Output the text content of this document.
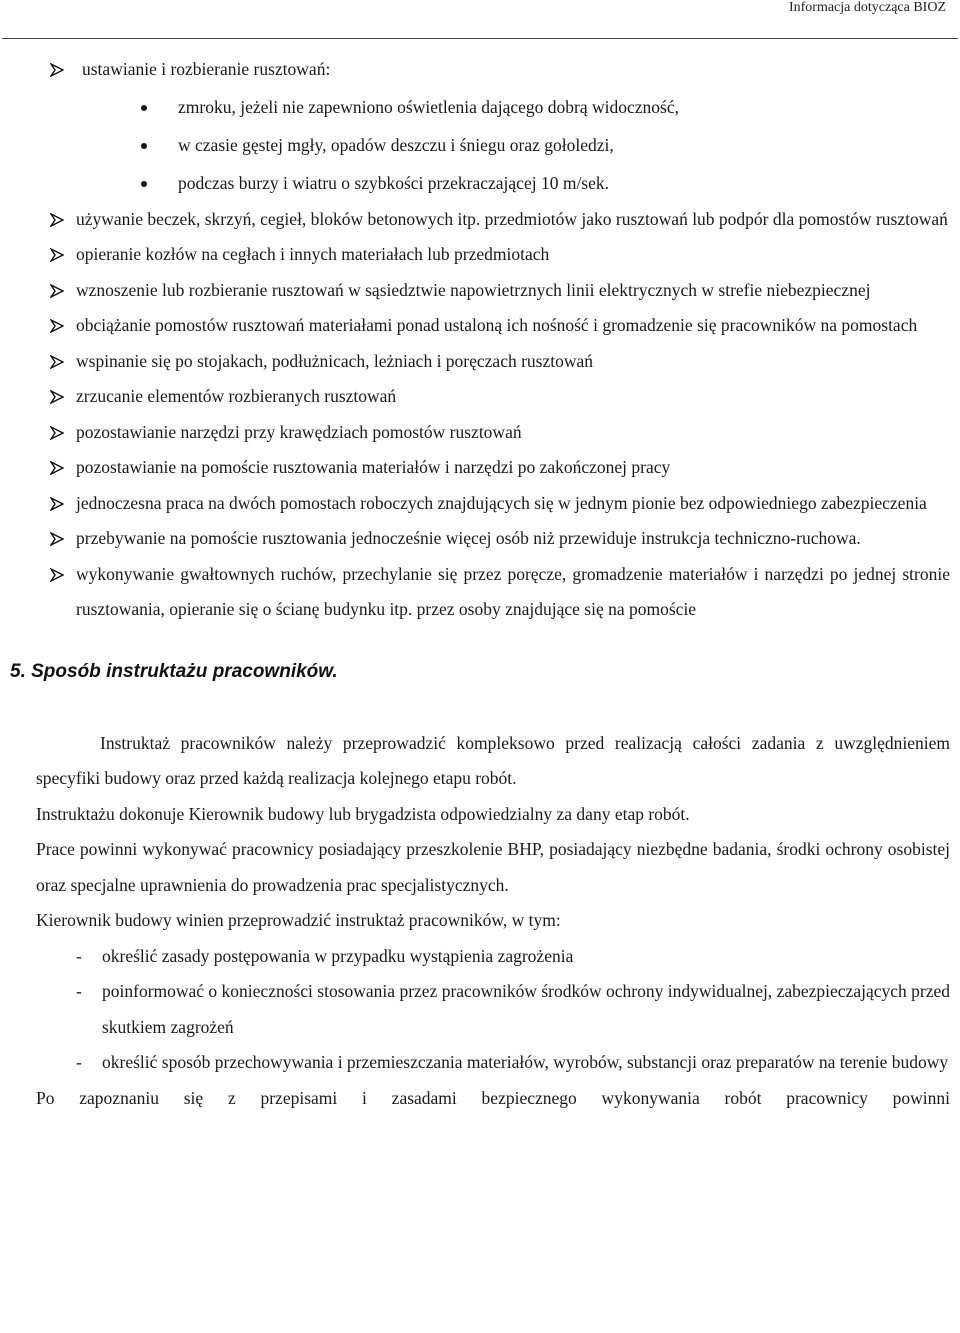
Informacja dotycząca BIOZ
ustawianie i rozbieranie rusztowań:
zmroku, jeżeli nie zapewniono oświetlenia dającego dobrą widoczność,
w czasie gęstej mgły, opadów deszczu i śniegu oraz gołoledzi,
podczas burzy i wiatru o szybkości przekraczającej 10 m/sek.
używanie beczek, skrzyń, cegieł, bloków betonowych itp. przedmiotów jako rusztowań lub podpór dla pomostów rusztowań
opieranie kozłów na cegłach i innych materiałach lub przedmiotach
wznoszenie lub rozbieranie rusztowań w sąsiedztwie napowietrznych linii elektrycznych w strefie niebezpiecznej
obciążanie pomostów rusztowań materiałami ponad ustaloną ich nośność i gromadzenie się pracowników na pomostach
wspinanie się po stojakach, podłużnicach, leżniach i poręczach rusztowań
zrzucanie elementów rozbieranych rusztowań
pozostawianie narzędzi przy krawędziach pomostów rusztowań
pozostawianie na pomoście rusztowania materiałów i narzędzi po zakończonej pracy
jednoczesna praca na dwóch pomostach roboczych znajdujących się w jednym pionie bez odpowiedniego zabezpieczenia
przebywanie na pomoście rusztowania jednocześnie więcej osób niż przewiduje instrukcja techniczno-ruchowa.
wykonywanie gwałtownych ruchów, przechylanie się przez poręcze, gromadzenie materiałów i narzędzi po jednej stronie rusztowania, opieranie się o ścianę budynku itp. przez osoby znajdujące się na pomoście
5. Sposób instruktażu pracowników.
Instruktaż pracowników należy przeprowadzić kompleksowo przed realizacją całości zadania z uwzględnieniem specyfiki budowy oraz przed każdą realizacja kolejnego etapu robót.
Instruktażu dokonuje Kierownik budowy lub brygadzista odpowiedzialny za dany etap robót.
Prace powinni wykonywać pracownicy posiadający przeszkolenie BHP, posiadający niezbędne badania, środki ochrony osobistej oraz specjalne uprawnienia do prowadzenia prac specjalistycznych.
Kierownik budowy winien przeprowadzić instruktaż pracowników, w tym:
- określić zasady postępowania w przypadku wystąpienia zagrożenia
- poinformować o konieczności stosowania przez pracowników środków ochrony indywidualnej, zabezpieczających przed skutkiem zagrożeń
- określić sposób przechowywania i przemieszczania materiałów, wyrobów, substancji oraz preparatów na terenie budowy
Po zapoznaniu się z przepisami i zasadami bezpiecznego wykonywania robót pracownicy powinni
